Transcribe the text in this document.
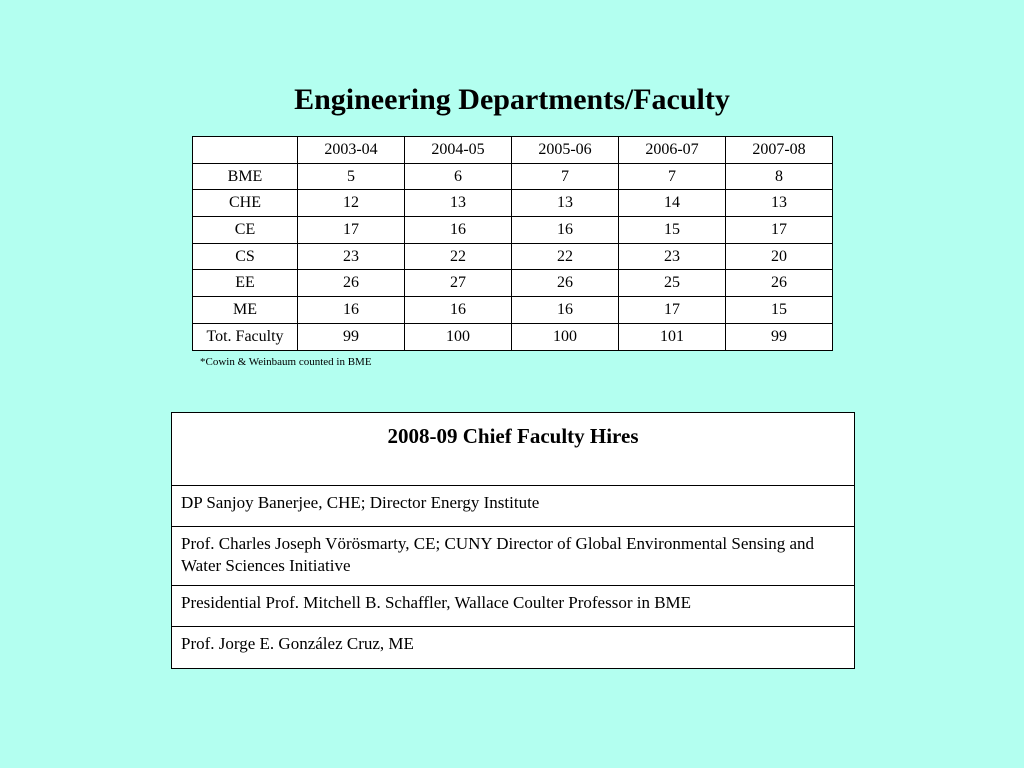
Engineering Departments/Faculty
	2003-04	2004-05	2005-06	2006-07	2007-08
BME	5	6	7	7	8
CHE	12	13	13	14	13
CE	17	16	16	15	17
CS	23	22	22	23	20
EE	26	27	26	25	26
ME	16	16	16	17	15
Tot. Faculty	99	100	100	101	99
*Cowin & Weinbaum counted in BME
2008-09 Chief Faculty Hires
DP Sanjoy Banerjee, CHE; Director Energy Institute
Prof. Charles Joseph Vörösmarty, CE; CUNY Director of Global Environmental Sensing and Water Sciences Initiative
Presidential Prof. Mitchell B. Schaffler, Wallace Coulter Professor in BME
Prof. Jorge E. González Cruz, ME
